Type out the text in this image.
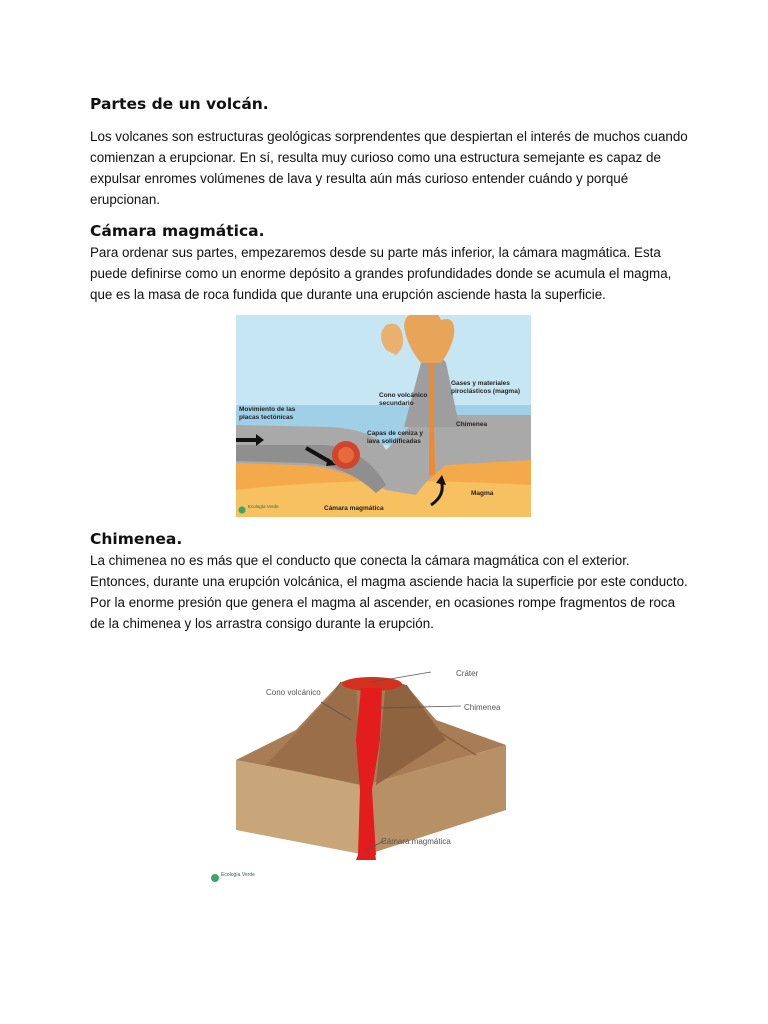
Partes de un volcán.

Los volcanes son estructuras geológicas sorprendentes que despiertan el interés de muchos cuando comienzan a erupcionar. En sí, resulta muy curioso como una estructura semejante es capaz de expulsar enromes volúmenes de lava y resulta aún más curioso entender cuándo y porqué erupcionan.

Cámara magmática.

Para ordenar sus partes, empezaremos desde su parte más inferior, la cámara magmática. Esta puede definirse como un enorme depósito a grandes profundidades donde se acumula el magma, que es la masa de roca fundida que durante una erupción asciende hasta la superficie.

Gases y materiales
piroclásticos (magma)
Cono volcánico
secundario
Movimiento de las
placas tectónicas
Chimenea
Capas de ceniza y
lava solidificadas
Magma
Cámara magmática
Ecología Verde
Chimenea.

La chimenea no es más que el conducto que conecta la cámara magmática con el exterior. Entonces, durante una erupción volcánica, el magma asciende hacia la superficie por este conducto. Por la enorme presión que genera el magma al ascender, en ocasiones rompe fragmentos de roca de la chimenea y los arrastra consigo durante la erupción.

Cráter
Cono volcánico
Chimenea
Cámara magmática
Ecología Verde
